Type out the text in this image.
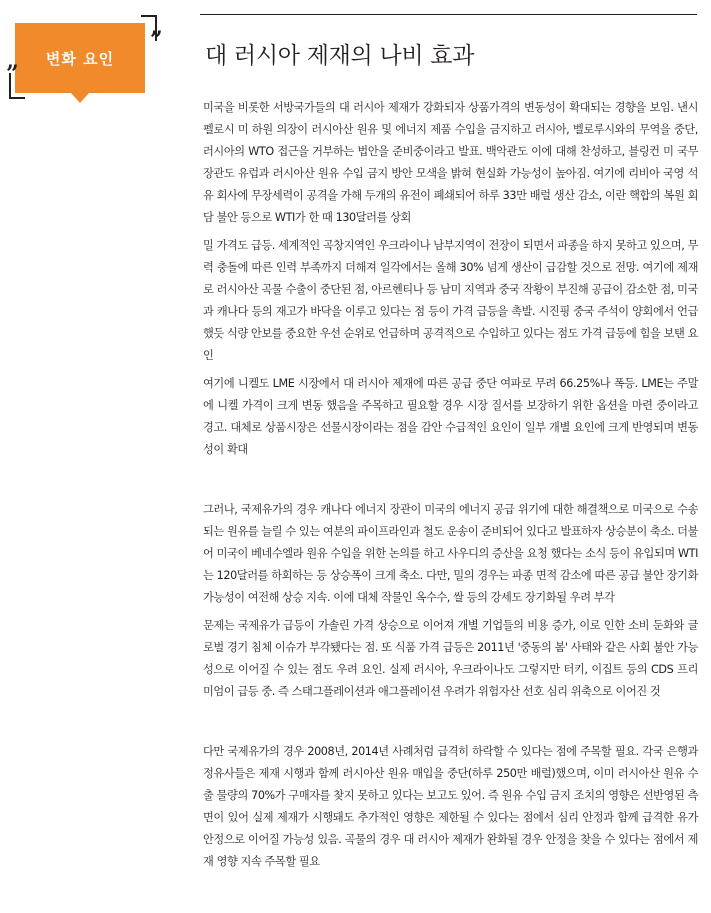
변화 요인
”
”
대 러시아 제재의 나비 효과

미국을 비롯한 서방국가들의 대 러시아 제재가 강화되자 상품가격의 변동성이 확대되는 경향을 보임. 낸시 펠로시 미 하원 의장이 러시아산 원유 및 에너지 제품 수입을 금지하고 러시아, 벨로루시와의 무역을 중단, 러시아의 WTO 접근을 거부하는 법안을 준비중이라고 발표. 백악관도 이에 대해 찬성하고, 블링컨 미 국무장관도 유럽과 러시아산 원유 수입 금지 방안 모색을 밝혀 현실화 가능성이 높아짐. 여기에 리비아 국영 석유 회사에 무장세력이 공격을 가해 두개의 유전이 폐쇄되어 하루 33만 배럴 생산 감소, 이란 핵합의 복원 회담 불안 등으로 WTI가 한 때 130달러를 상회

밀 가격도 급등. 세계적인 곡창지역인 우크라이나 남부지역이 전장이 되면서 파종을 하지 못하고 있으며, 무력 충돌에 따른 인력 부족까지 더해져 일각에서는 올해 30% 넘게 생산이 급감할 것으로 전망. 여기에 제재로 러시아산 곡물 수출이 중단된 점, 아르헨티나 등 남미 지역과 중국 작황이 부진해 공급이 감소한 점, 미국과 캐나다 등의 재고가 바닥을 이루고 있다는 점 등이 가격 급등을 촉발. 시진핑 중국 주석이 양회에서 언급했듯 식량 안보를 중요한 우선 순위로 언급하며 공격적으로 수입하고 있다는 점도 가격 급등에 힘을 보탠 요인

여기에 니켈도 LME 시장에서 대 러시아 제재에 따른 공급 중단 여파로 무려 66.25%나 폭등. LME는 주말에 니켈 가격이 크게 변동 했음을 주목하고 필요할 경우 시장 질서를 보장하기 위한 옵션을 마련 중이라고 경고. 대체로 상품시장은 선물시장이라는 점을 감안 수급적인 요인이 일부 개별 요인에 크게 반영되며 변동성이 확대

그러나, 국제유가의 경우 캐나다 에너지 장관이 미국의 에너지 공급 위기에 대한 해결책으로 미국으로 수송되는 원유를 늘릴 수 있는 여분의 파이프라인과 철도 운송이 준비되어 있다고 발표하자 상승분이 축소. 더불어 미국이 베네수엘라 원유 수입을 위한 논의를 하고 사우디의 증산을 요청 했다는 소식 등이 유입되며 WTI는 120달러를 하회하는 등 상승폭이 크게 축소. 다만, 밀의 경우는 파종 면적 감소에 따른 공급 불안 장기화 가능성이 여전해 상승 지속. 이에 대체 작물인 옥수수, 쌀 등의 강세도 장기화될 우려 부각

문제는 국제유가 급등이 가솔린 가격 상승으로 이어져 개별 기업들의 비용 증가, 이로 인한 소비 둔화와 글로벌 경기 침체 이슈가 부각됐다는 점. 또 식품 가격 급등은 2011년 '중동의 봄' 사태와 같은 사회 불안 가능성으로 이어질 수 있는 점도 우려 요인. 실제 러시아, 우크라이나도 그렇지만 터키, 이집트 등의 CDS 프리미엄이 급등 중. 즉 스태그플레이션과 애그플레이션 우려가 위험자산 선호 심리 위축으로 이어진 것

다만 국제유가의 경우 2008년, 2014년 사례처럼 급격히 하락할 수 있다는 점에 주목할 필요. 각국 은행과 정유사들은 제재 시행과 함께 러시아산 원유 매입을 중단(하루 250만 배럴)했으며, 이미 러시아산 원유 수출 물량의 70%가 구매자를 찾지 못하고 있다는 보고도 있어. 즉 원유 수입 금지 조치의 영향은 선반영된 측면이 있어 실제 제재가 시행돼도 추가적인 영향은 제한될 수 있다는 점에서 심리 안정과 함께 급격한 유가 안정으로 이어질 가능성 있음. 곡물의 경우 대 러시아 제재가 완화될 경우 안정을 찾을 수 있다는 점에서 제재 영향 지속 주목할 필요
